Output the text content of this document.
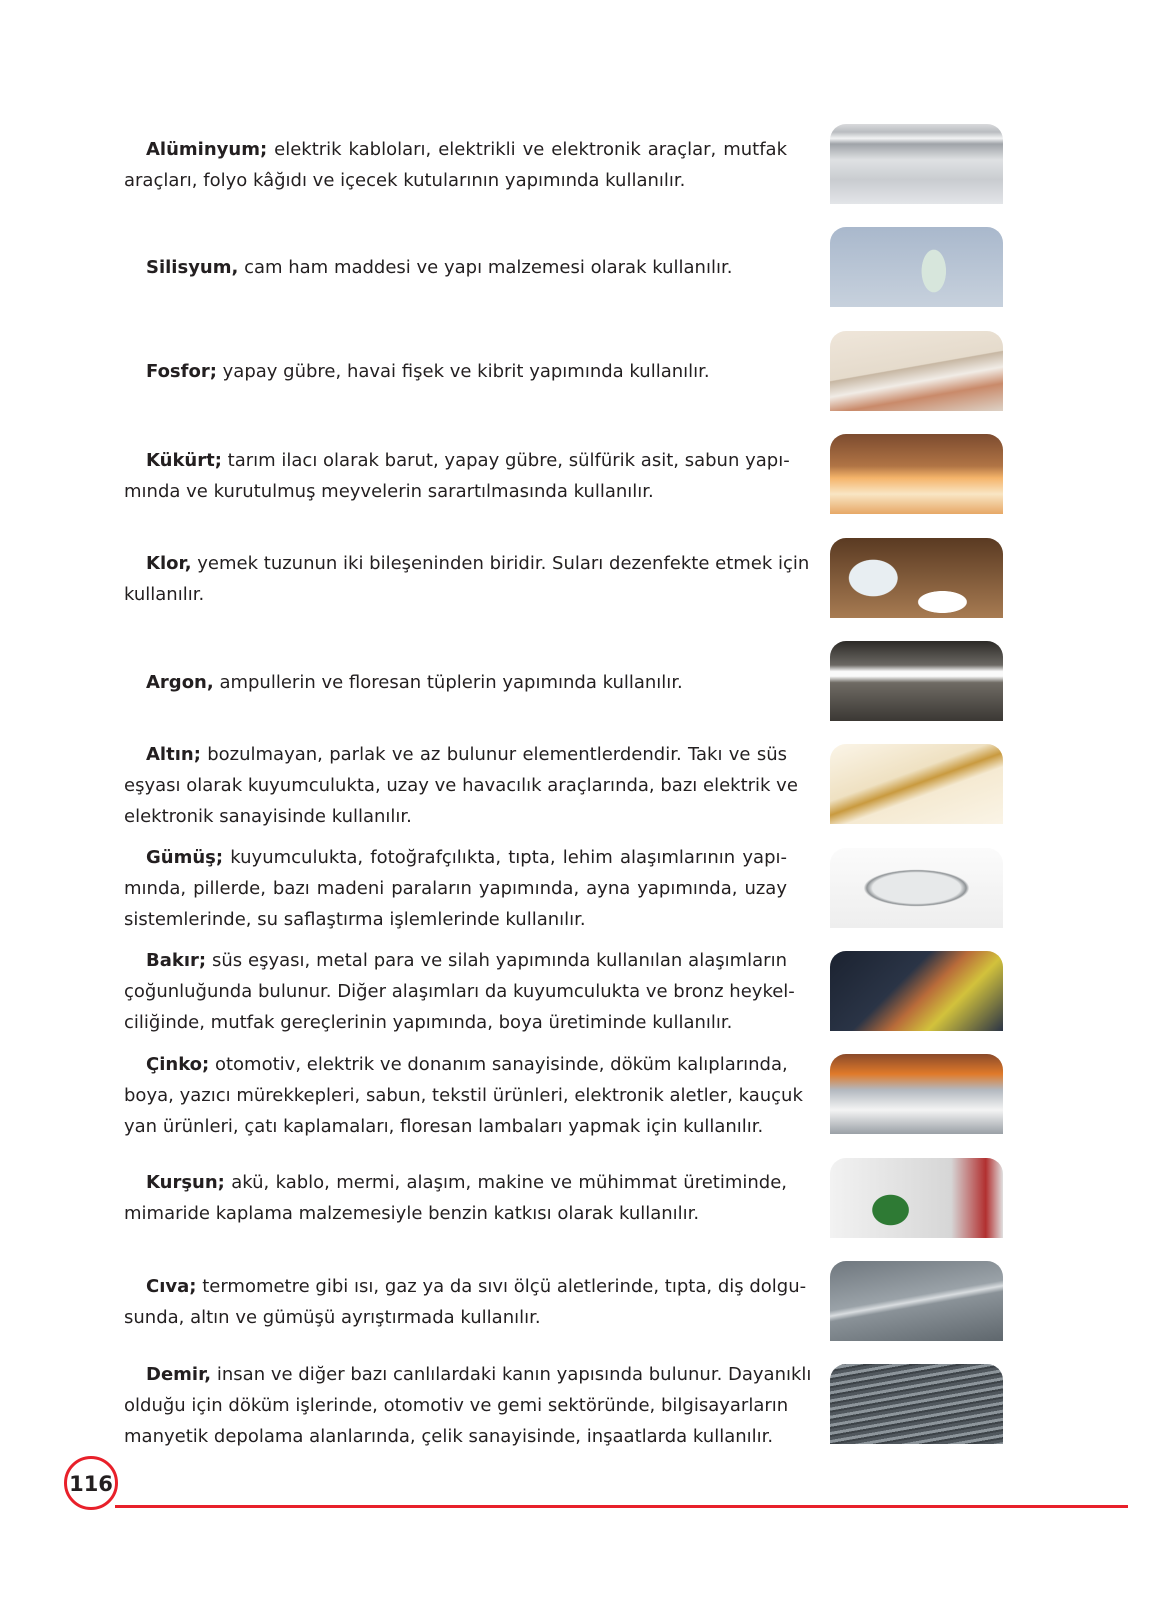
Alüminyum; elektrik kabloları, elektrikli ve elektronik araçlar, mutfak
araçları, folyo kâğıdı ve içecek kutularının yapımında kullanılır.
Silisyum, cam ham maddesi ve yapı malzemesi olarak kullanılır.
Fosfor; yapay gübre, havai fişek ve kibrit yapımında kullanılır.
Kükürt; tarım ilacı olarak barut, yapay gübre, sülfürik asit, sabun yapı-
mında ve kurutulmuş meyvelerin sarartılmasında kullanılır.
Klor, yemek tuzunun iki bileşeninden biridir. Suları dezenfekte etmek için
kullanılır.
Argon, ampullerin ve floresan tüplerin yapımında kullanılır.
Altın; bozulmayan, parlak ve az bulunur elementlerdendir. Takı ve süs
eşyası olarak kuyumculukta, uzay ve havacılık araçlarında, bazı elektrik ve
elektronik sanayisinde kullanılır.
Gümüş; kuyumculukta, fotoğrafçılıkta, tıpta, lehim alaşımlarının yapı-
mında, pillerde, bazı madeni paraların yapımında, ayna yapımında, uzay
sistemlerinde, su saflaştırma işlemlerinde kullanılır.
Bakır; süs eşyası, metal para ve silah yapımında kullanılan alaşımların
çoğunluğunda bulunur. Diğer alaşımları da kuyumculukta ve bronz heykel-
ciliğinde, mutfak gereçlerinin yapımında, boya üretiminde kullanılır.
Çinko; otomotiv, elektrik ve donanım sanayisinde, döküm kalıplarında,
boya, yazıcı mürekkepleri, sabun, tekstil ürünleri, elektronik aletler, kauçuk
yan ürünleri, çatı kaplamaları, floresan lambaları yapmak için kullanılır.
Kurşun; akü, kablo, mermi, alaşım, makine ve mühimmat üretiminde,
mimaride kaplama malzemesiyle benzin katkısı olarak kullanılır.
Cıva; termometre gibi ısı, gaz ya da sıvı ölçü aletlerinde, tıpta, diş dolgu-
sunda, altın ve gümüşü ayrıştırmada kullanılır.
Demir, insan ve diğer bazı canlılardaki kanın yapısında bulunur. Dayanıklı
olduğu için döküm işlerinde, otomotiv ve gemi sektöründe, bilgisayarların
manyetik depolama alanlarında, çelik sanayisinde, inşaatlarda kullanılır.
116
